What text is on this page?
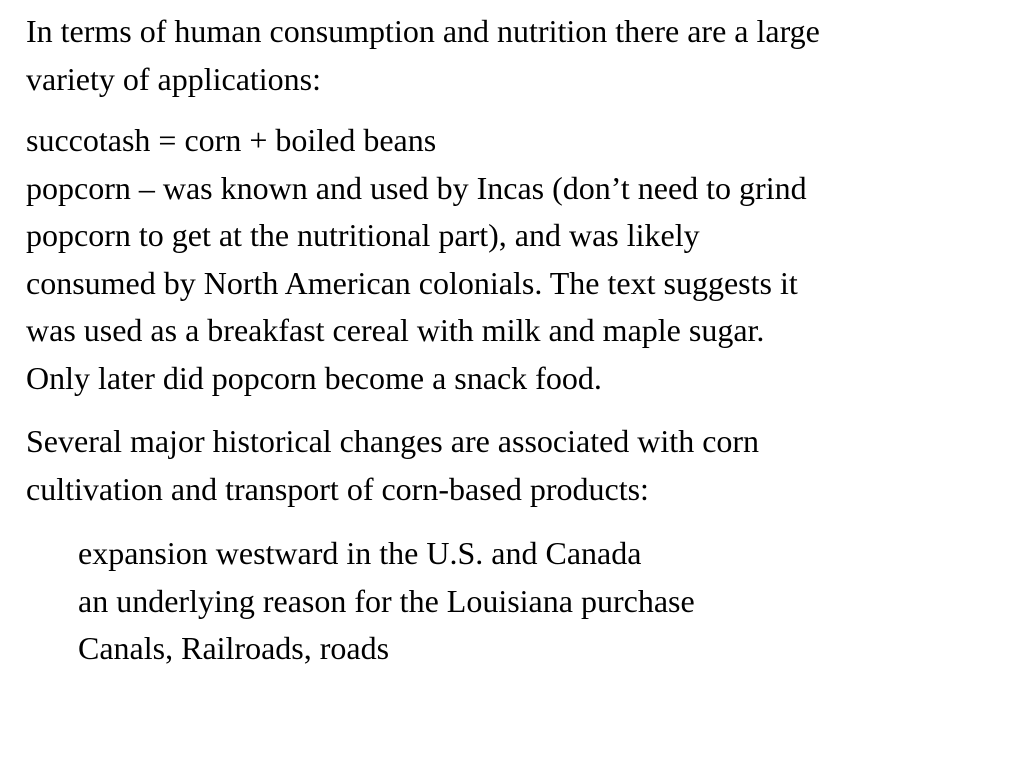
In terms of human consumption and nutrition there are a large
variety of applications:
succotash = corn + boiled beans
popcorn – was known and used by Incas (don’t need to grind
popcorn to get at the nutritional part), and was likely
consumed by North American colonials. The text suggests it
was used as a breakfast cereal with milk and maple sugar.
Only later did popcorn become a snack food.
Several major historical changes are associated with corn
cultivation and transport of corn-based products:
expansion westward in the U.S. and Canada
an underlying reason for the Louisiana purchase
Canals, Railroads, roads
